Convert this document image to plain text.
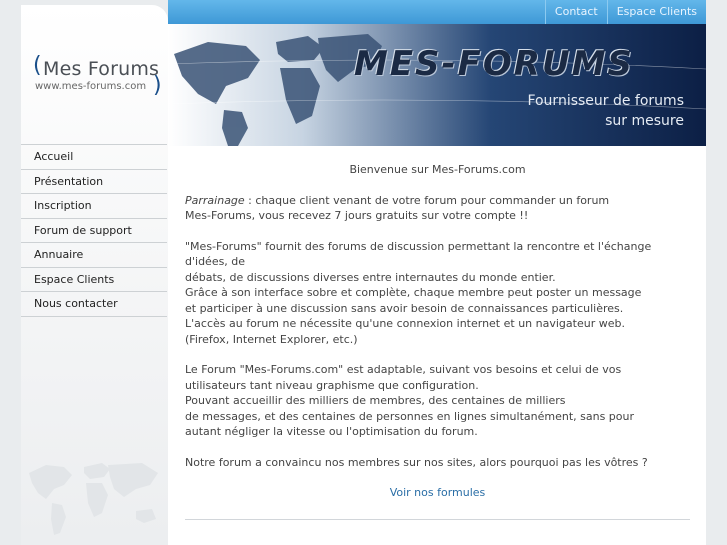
( Mes Forums
www.mes-forums.com )
Accueil
Présentation
Inscription
Forum de support
Annuaire
Espace Clients
Nous contacter
Contact	Espace Clients
MES-FORUMS
Fournisseur de forums
sur mesure
Bienvenue sur Mes-Forums.com

Parrainage : chaque client venant de votre forum pour commander un forum
Mes-Forums, vous recevez 7 jours gratuits sur votre compte !!

"Mes-Forums" fournit des forums de discussion permettant la rencontre et l'échange d'idées, de
débats, de discussions diverses entre internautes du monde entier.
Grâce à son interface sobre et complète, chaque membre peut poster un message
et participer à une discussion sans avoir besoin de connaissances particulières.
L'accès au forum ne nécessite qu'une connexion internet et un navigateur web.
(Firefox, Internet Explorer, etc.)

Le Forum "Mes-Forums.com" est adaptable, suivant vos besoins et celui de vos
utilisateurs tant niveau graphisme que configuration.
Pouvant accueillir des milliers de membres, des centaines de milliers
de messages, et des centaines de personnes en lignes simultanément, sans pour
autant négliger la vitesse ou l'optimisation du forum.

Notre forum a convaincu nos membres sur nos sites, alors pourquoi pas les vôtres ?

Voir nos formules
